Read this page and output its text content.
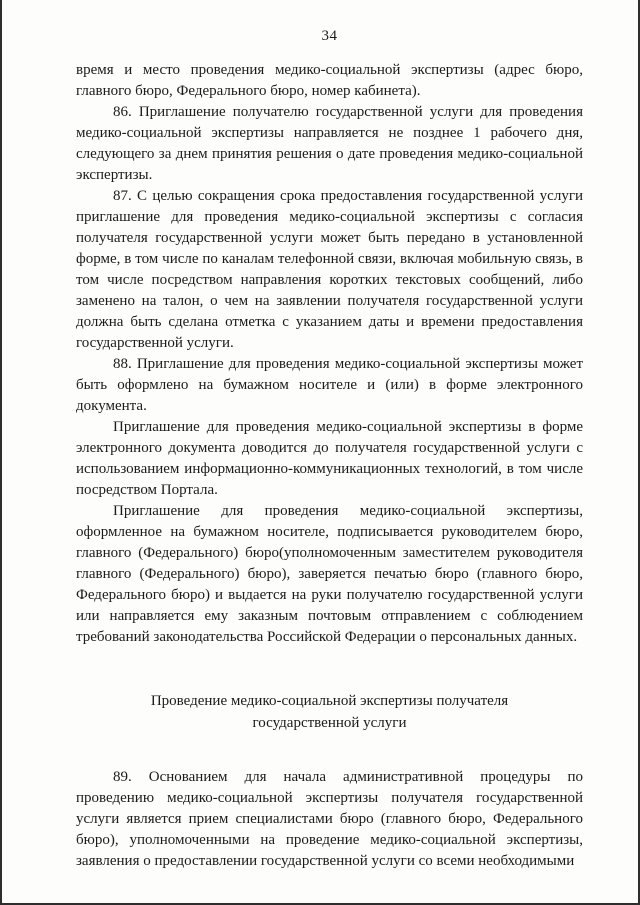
34

время и место проведения медико-социальной экспертизы (адрес бюро, главного бюро, Федерального бюро, номер кабинета).

86. Приглашение получателю государственной услуги для проведения медико-социальной экспертизы направляется не позднее 1 рабочего дня, следующего за днем принятия решения о дате проведения медико-социальной экспертизы.

87. С целью сокращения срока предоставления государственной услуги приглашение для проведения медико-социальной экспертизы с согласия получателя государственной услуги может быть передано в установленной форме, в том числе по каналам телефонной связи, включая мобильную связь, в том числе посредством направления коротких текстовых сообщений, либо заменено на талон, о чем на заявлении получателя государственной услуги должна быть сделана отметка с указанием даты и времени предоставления государственной услуги.

88. Приглашение для проведения медико-социальной экспертизы может быть оформлено на бумажном носителе и (или) в форме электронного документа.

Приглашение для проведения медико-социальной экспертизы в форме электронного документа доводится до получателя государственной услуги с использованием информационно-коммуникационных технологий, в том числе посредством Портала.

Приглашение для проведения медико-социальной экспертизы, оформленное на бумажном носителе, подписывается руководителем бюро, главного (Федерального) бюро(уполномоченным заместителем руководителя главного (Федерального) бюро), заверяется печатью бюро (главного бюро, Федерального бюро) и выдается на руки получателю государственной услуги или направляется ему заказным почтовым отправлением с соблюдением требований законодательства Российской Федерации о персональных данных.

Проведение медико-социальной экспертизы получателя государственной услуги

89. Основанием для начала административной процедуры по проведению медико-социальной экспертизы получателя государственной услуги является прием специалистами бюро (главного бюро, Федерального бюро), уполномоченными на проведение медико-социальной экспертизы, заявления о предоставлении государственной услуги со всеми необходимыми
